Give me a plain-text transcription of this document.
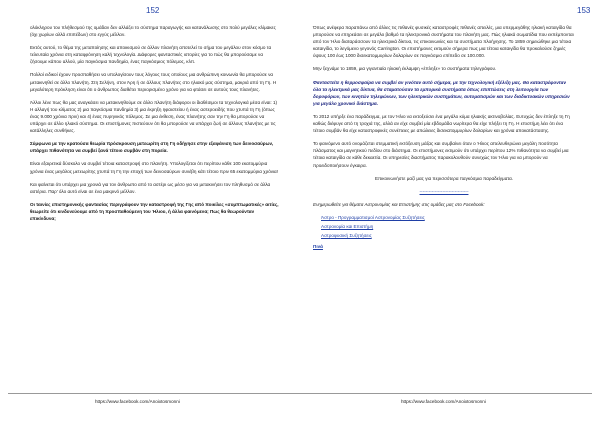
152

ολόκληρου του πλήθεσμού της ομάδαν δεν αλλάζει το σύστημα παραγωγής και κατανάλωσης στο πολύ μεγάλες κλίμακες (όχι χωρίων αλλά επιπέδων) στο εγγύς μέλλον.

Εκτός αυτού, το θέμα της μεταποίησης και αποικισμού σε άλλον πλανήτη αποτελεί το σήμα του μεγάλου στον κόσμο τα τελευταία χρόνια στη καταφρόνηση καλή τεχνολογία. Διάφορες φανταστικές ιστορίες για το πώς θα μπορούσαμε να ζήσουμε κάπου αλλού, μία παγκόσμια πανδημία, ένας παγκόσμιος πόλεμος, κλπ.

Πολλοί ειδικοί έχουν προσπαθήσει να υπολογίσουν τους λόγους τους οποίους μια ανθρώπινη κοινωνία θα μπορούσε να μετακινηθεί σε άλλο πλανήτη. Στη Σελήνη, στον Άρη ή σε άλλους πλανήτες στο ηλιακό μας σύστημα, μακριά από τη Γη. Η μεγαλύτερη πρόκληση είναι ότι ο άνθρωπος διαθέτει περιορισμένο χρόνο για να φτάσει σε αυτούς τους πλανήτες.

Άλλοι λένε πως θα μας αναγκάσει να μετακινηθούμε σε άλλο πλανήτη διάφοροι οι διαθέσιμοι τα τεχνολογικά μέσα είναι: 1) Η αλλαγή του κλίματος 2) μια παγκόσμια πανδημία 3) μια έκρηξη ηφαιστείου ή ένας αστεροειδής που χτυπά τη Γη (όπως ένας 9.000 χρόνια πριν) και 4) ένας πυρηνικός πόλεμος. Σε μια έκθεση, ένας πλανήτης σαν την Γη θα μπορούσε να υπάρχει σε άλλο ηλιακό σύστημα. Οι επιστήμονες πιστεύουν ότι θα μπορούσε να υπάρχει ζωή σε άλλους πλανήτες με τις κατάλληλες συνθήκες.

Σύμφωνα με την κρατούσα θεωρία πρόσκρουση μετεωρίτη στη Γη οδήγησε στην εξαφάνιση των δεινοσαύρων, υπάρχει πιθανότητα να συμβεί ξανά τέτοιο συμβάν στη πορεία.

Είναι εξαιρετικά δύσκολο να συμβεί τέτοια καταστροφή στο πλανήτη. Υπολογίζεται ότι περίπου κάθε 100 εκατομμύρια χρόνια ένας μεγάλος μετεωρίτης χτυπά τη Γη την εποχή των δεινοσαύρων συνέβη κάτι τέτοιο πριν 65 εκατομμύρια χρόνια!

Και φαίνεται ότι υπάρχει μια χρονιά για τον άνθρωπο από το αστέρι ως μέσο για να μετακινήσει τον πληθυσμό σε άλλα αστέρια. Παρ' όλο αυτό είναι σε ένα μακρινό μέλλον.

Οι ταινίες επιστημονικής φαντασίας περιγράφουν την καταστροφή της Γης από ποικίλες «συμπτωματικές» αιτίες, θεωρείτε ότι κινδυνεύουμε από τη προσπαθούμενη του Ήλιου, ή άλλα φαινόμενα; Πως θα θεωρούνταν επικίνδυνα;

https://www.facebook.com/Anoixtosmonni
153

Όπως ανέφερα παραπάνω από άλλες τις πιθανές φυσικές καταστροφές πιθανές απειλές, μια υπερμεγάθης ηλιακή καταιγίδα θα μπορούσε να επηρεάσει σε μεγάλο βαθμό τα ηλεκτρονικά συστήματα του πλανήτη μας. Πώς ηλιακά σωματίδια που εκπέμπονται από τον Ήλιο διαταράσσουν τα ηλεκτρικά δίκτυα, τις επικοινωνίες και τα συστήματα πλοήγησης. Το 1859 σημειώθηκε μια τέτοια καταιγίδα, το λεγόμενο γεγονός Carrington. Οι επιστήμονες εκτιμούν σήμερα πως μια τέτοια καταιγίδα θα προκαλούσε ζημιές ύψους 100 έως 1000 δισεκατομμυρίων δολαρίων σε παγκόσμιο επίπεδο σε 100.000.

Μην ξεχνάμε το 1859, μια γιγαντιαία ηλιακή έκλαμψη «έπληξε» το συστήματα τηλεγράφου.

Φανταστείτε η θερμοσφαίρα να συμβεί αν γινόταν αυτό σήμερα, με την τεχνολογική εξέλιξη μας. Θα καταστρέφονταν όλα τα ηλεκτρικά μας δίκτυα, θα σταματούσαν τα εμπορικά συστήματα όπως επιπτώσεις στη λειτουργία των δορυφόρων, των κινητών τηλεφώνων, των ηλεκτρικών συστημάτων, αυτοματισμών και των διαδικτυακών υπηρεσιών για μεγάλο χρονικό διάστημα.

Το 2012 υπήρξε ένα παράδειγμα, με τον Ήλιο να εκτοξεύσει ένα μεγάλο κύμα ηλιακής ακτινοβολίας. Ευτυχώς δεν έπληξε τη Γη καθώς διέφυγε από τη τροχιά της, αλλά αν είχε συμβεί μία εβδομάδα νωρίτερα θα είχε πλήξει τη Γη. Η επιστήμη λέει ότι ένα τέτοιο συμβάν θα είχε καταστροφικές συνέπειες με απώλειες δισεκατομμυρίων δολαρίων και χρόνια αποκατάστασης.

Το φαινόμενο αυτό ονομάζεται στεμματική εκτόξευση μάζας και συμβαίνει όταν ο Ήλιος απελευθερώνει μεγάλη ποσότητα πλάσματος και μαγνητικού πεδίου στο διάστημα. Οι επιστήμονες εκτιμούν ότι υπάρχει περίπου 12% πιθανότητα να συμβεί μια τέτοια καταιγίδα σε κάθε δεκαετία. Οι υπηρεσίες διαστήματος παρακολουθούν συνεχώς τον Ήλιο για να μπορούν να προειδοποιήσουν έγκαιρα.

Επικοινωνήστε μαζί μας για περισσότερα παγκόσμια παραδείγματα.

--------------------------------

Ενημερωθείτε για θέματα Αστρονομίας και Επιστήμης στις ομάδες μας στο Facebook:

Άστρο - Προγραμματισμοί Αστρονομίας Συζητήσεις
Αστρονομία και Επιστήμη
Αστροφυσική Συζητήσεις

Πινά

https://www.facebook.com/Anoixtosmonni
